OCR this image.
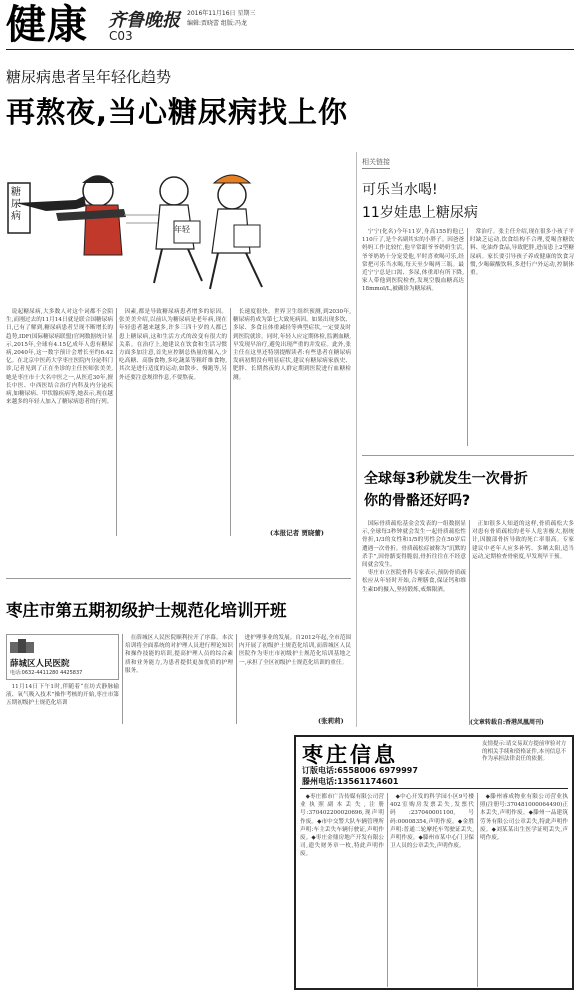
健康 齐鲁晚报 2016年11月16日 星期三
编辑:贾晓蕾 组版:冯龙
C03
糖尿病患者呈年轻化趋势
再熬夜,当心糖尿病找上你
糖尿病
年轻

说起糖尿病,大多数人对这个词都不会陌生,而刚过去的11月14日就是联合国糖尿病日,已有了解到,糖尿病患者呈现不断增长的趋势,IDF(国际糖尿病联盟)官网数据统计显示,2015年,全球有4.15亿成年人患有糖尿病,2040年,这一数字预计会增长至约6.42亿。在北京中医药大学枣庄医院内分泌科门诊,记者见到了正在坐诊的主任医师张美美,她是枣庄市十大名中医之一,从医近30年,擅长中医、中西医结合治疗内科及内分泌疾病,如糖尿病、甲状腺疾病等,她表示,现在越来越多的年轻人加入了糖尿病患者的行列。

因素,都是导致糖尿病患者增多的原因。张美美介绍,以前认为糖尿病是老年病,现在年轻患者越来越多,许多三四十岁的人都已患上糖尿病,这和生活方式的改变有很大的关系。在治疗上,她建议在饮食和生活习惯方面多加注意,首先应控制总热量的摄入,少吃高糖、高脂食物,多吃蔬菜等粗纤维食物,其次是进行适度的运动,如散步、慢跑等,另外还要注意规律作息,不要熬夜。

长速度很快。世界卫生组织预测,到2030年,糖尿病将成为第七大致死病因。如果出现多饮、多尿、多食且体重减轻等典型症状,一定要及时到医院就诊。同时,年轻人应定期体检,监测血糖,早发现早治疗,避免出现严重的并发症。此外,张主任在这里还特别提醒读者:有些患者在糖尿病发病初期没有明显症状,建议有糖尿病家族史、肥胖、长期熬夜的人群定期到医院进行血糖检测。

(本报记者 贾晓蕾)
相关链接
可乐当水喝!
11岁娃患上糖尿病

宁宁(化名)今年11岁,身高155的他已110斤了,是个名副其实的小胖子。因爸爸妈妈工作比较忙,他平常跟爷爷奶奶生活,爷爷奶奶十分宠爱他,平时喜欢喝可乐,经常把可乐当水喝,每天至少喝两三瓶。最近宁宁总是口渴、多尿,体重却有所下降,家人带他到医院检查,发现空腹血糖高达18mmol/L,被确诊为糖尿病。

常治疗。张主任介绍,现在很多小孩子平时缺乏运动,饮食结构不合理,爱喝含糖饮料、吃油炸食品,导致肥胖,进而患上2型糖尿病。家长要引导孩子养成健康的饮食习惯,少喝碳酸饮料,多进行户外运动,控制体重。

全球每3秒就发生一次骨折
你的骨骼还好吗?

国际骨质疏松基金会发表的一组数据显示,全球每3秒钟就会发生一起骨质疏松性骨折,1/3的女性和1/5的男性会在50岁后遭遇一次骨折。骨质疏松症被称为“沉默的杀手”,因骨骼变得脆弱,骨折往往在不经意间就会发生。

枣庄市立医院骨科专家表示,预防骨质疏松应从年轻时开始,合理膳食,保证钙和维生素D的摄入,坚持锻炼,戒烟限酒。

正如很多人知道的这样,骨质疏松大多对患有骨质疏松的老年人危害极大,据统计,因髋部骨折导致的死亡率很高。专家建议中老年人应多补钙、多晒太阳,适当运动,定期检查骨密度,早发现早干预。

(文章转载自:香港凤凰周刊)
枣庄市第五期初级护士规范化培训开班
薛城区人民医院
电话:0632-4411280 4425837

11月14日下午1时,伴随着“在坊式静脉输液、氧气吸入技术”操作考核的开始,枣庄市第五期初级护士规范化培训

在薛城区人民医院顺利拉开了序幕。本次培训将全面系统的对护理人员进行理论知识和操作技能的培训,提高护理人员的综合素质和业务能力,为患者提供更加优质的护理服务。

进护理事业的发展。自2012年起,全市范围内开展了初级护士规范化培训,而薛城区人民医院作为枣庄市初级护士规范化培训基地之一,承担了全区初级护士规范化培训的重任。

(张莉莉)
枣庄信息
订版电话:6558006 6979997
滕州电话:13561174601
友情提示:请交易双方提前审验对方的相关手续和资格证件,本刊信息不作为承担法律责任的依据。

◆枣庄都市广告传媒有限公司营业执照副本丢失,注册号:370402200020696,现声明作废。◆市中交警大队车辆管理所声明:车主丢失车辆行驶证,声明作废。◆枣庄金鼎房地产开发有限公司,遗失财务章一枚,特此声明作废。

◆中心开发的科学园小区9号楼402室购房发票丢失,发票代码:237040001100,号码:00008354,声明作废。◆金胜声明:普通二轮摩托车驾驶证丢失,声明作废。◆滕州市某中心门卫保卫人员的公章丢失,声明作废。

◆滕州睿成物业有限公司营业执照(注册号:370481000064490)正本丢失,声明作废。◆滕州一品建筑劳务有限公司公章丢失,特此声明作废。◆刘某某出生医学证明丢失,声明作废。
